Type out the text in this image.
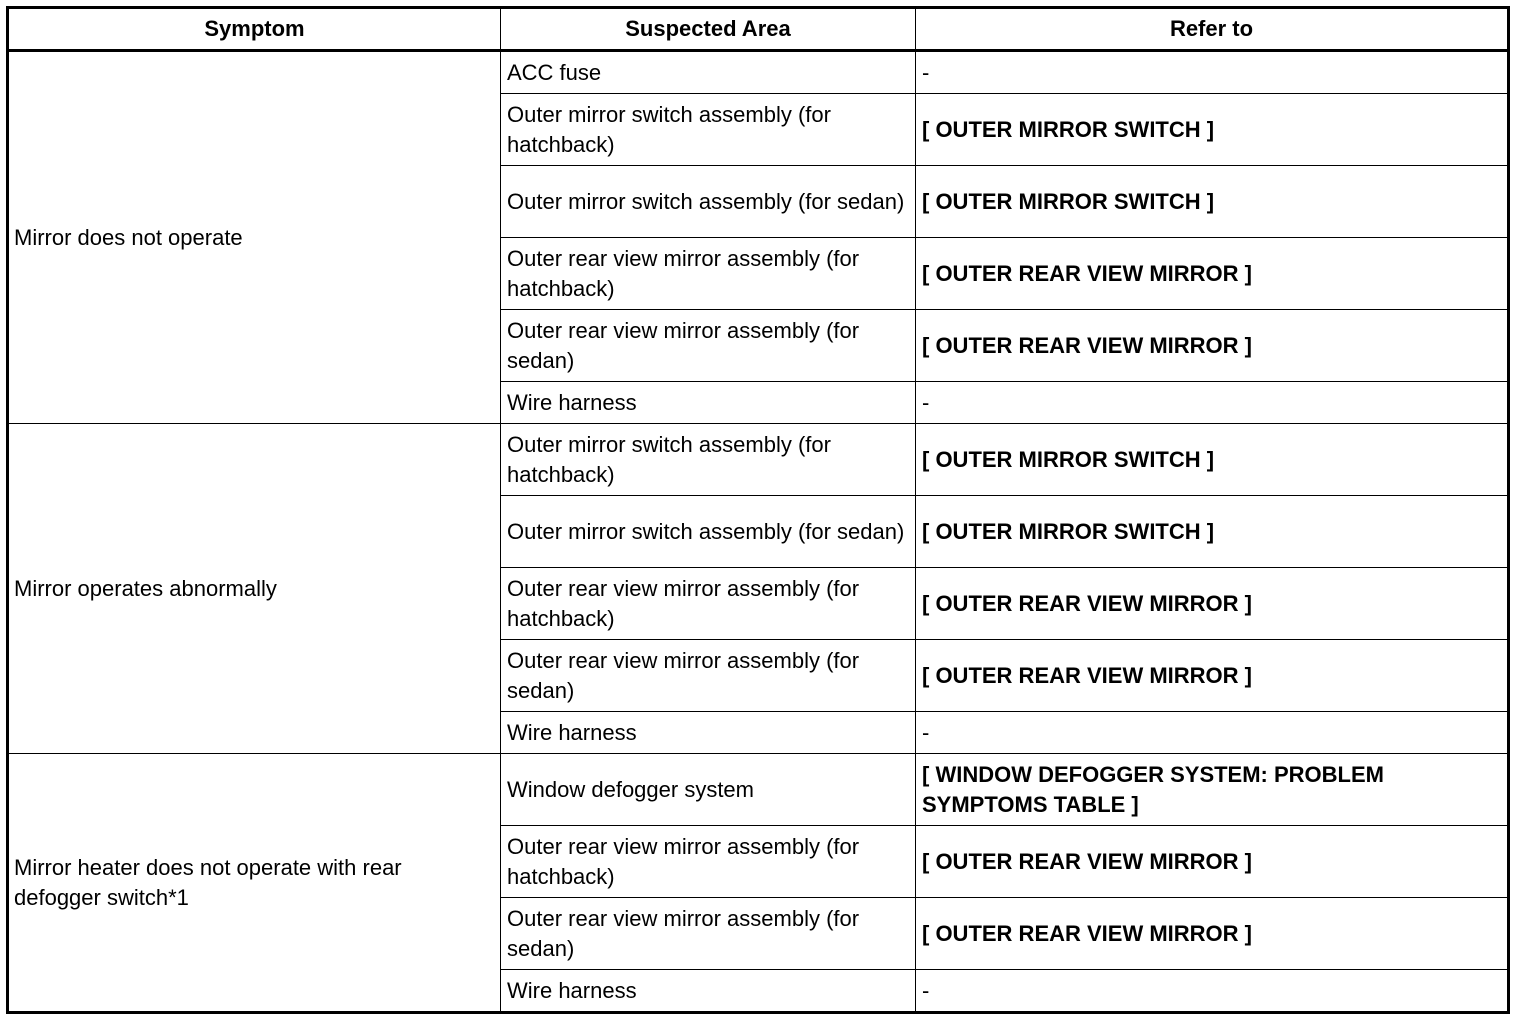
Symptom	Suspected Area	Refer to
Mirror does not operate	ACC fuse	-
	Outer mirror switch assembly (for hatchback)	[ OUTER MIRROR SWITCH ]
	Outer mirror switch assembly (for sedan)	[ OUTER MIRROR SWITCH ]
	Outer rear view mirror assembly (for hatchback)	[ OUTER REAR VIEW MIRROR ]
	Outer rear view mirror assembly (for sedan)	[ OUTER REAR VIEW MIRROR ]
	Wire harness	-
Mirror operates abnormally	Outer mirror switch assembly (for hatchback)	[ OUTER MIRROR SWITCH ]
	Outer mirror switch assembly (for sedan)	[ OUTER MIRROR SWITCH ]
	Outer rear view mirror assembly (for hatchback)	[ OUTER REAR VIEW MIRROR ]
	Outer rear view mirror assembly (for sedan)	[ OUTER REAR VIEW MIRROR ]
	Wire harness	-
Mirror heater does not operate with rear defogger switch*1	Window defogger system	[ WINDOW DEFOGGER SYSTEM: PROBLEM SYMPTOMS TABLE ]
	Outer rear view mirror assembly (for hatchback)	[ OUTER REAR VIEW MIRROR ]
	Outer rear view mirror assembly (for sedan)	[ OUTER REAR VIEW MIRROR ]
	Wire harness	-
